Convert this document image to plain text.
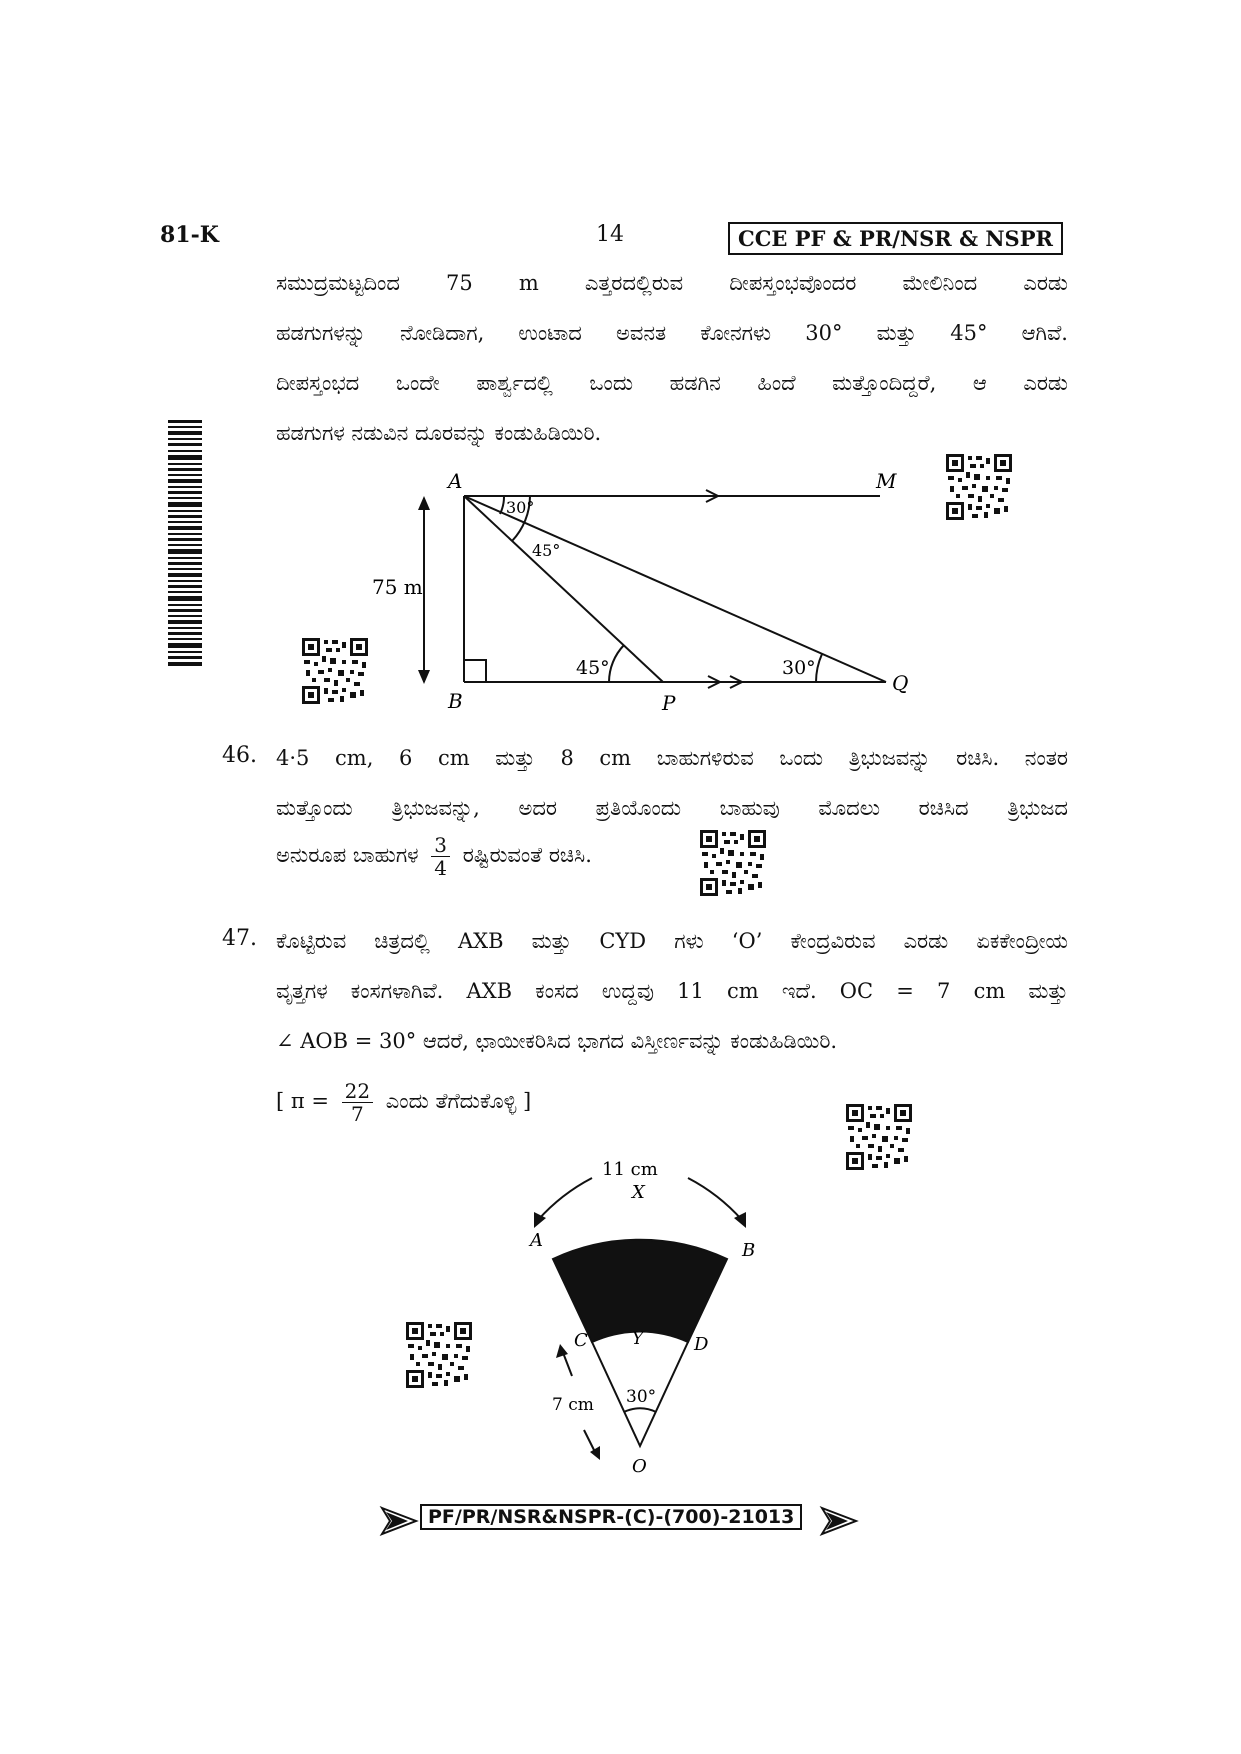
81-K	14	CCE PF & PR/NSR & NSPR
ಸಮುದ್ರಮಟ್ಟದಿಂದ 75 m ಎತ್ತರದಲ್ಲಿರುವ ದೀಪಸ್ತಂಭವೊಂದರ ಮೇಲಿನಿಂದ ಎರಡು
ಹಡಗುಗಳನ್ನು ನೋಡಿದಾಗ, ಉಂಟಾದ ಅವನತ ಕೋನಗಳು 30° ಮತ್ತು 45° ಆಗಿವೆ.
ದೀಪಸ್ತಂಭದ ಒಂದೇ ಪಾರ್ಶ್ವದಲ್ಲಿ ಒಂದು ಹಡಗಿನ ಹಿಂದೆ ಮತ್ತೊಂದಿದ್ದರೆ, ಆ ಎರಡು
ಹಡಗುಗಳ ನಡುವಿನ ದೂರವನ್ನು ಕಂಡುಹಿಡಿಯಿರಿ.
A	M
B	P
Q
75 m
30°
45°
45°	30°
46. 4·5 cm, 6 cm ಮತ್ತು 8 cm ಬಾಹುಗಳಿರುವ ಒಂದು ತ್ರಿಭುಜವನ್ನು ರಚಿಸಿ. ನಂತರ
ಮತ್ತೊಂದು ತ್ರಿಭುಜವನ್ನು, ಅದರ ಪ್ರತಿಯೊಂದು ಬಾಹುವು ಮೊದಲು ರಚಿಸಿದ ತ್ರಿಭುಜದ
ಅನುರೂಪ ಬಾಹುಗಳ $\frac{3}{4}$ ರಷ್ಟಿರುವಂತೆ ರಚಿಸಿ.
47. ಕೊಟ್ಟಿರುವ ಚಿತ್ರದಲ್ಲಿ AXB ಮತ್ತು CYD ಗಳು ‘O’ ಕೇಂದ್ರವಿರುವ ಎರಡು ಏಕಕೇಂದ್ರೀಯ
ವೃತ್ತಗಳ ಕಂಸಗಳಾಗಿವೆ. AXB ಕಂಸದ ಉದ್ದವು 11 cm ಇದೆ. OC = 7 cm ಮತ್ತು
∠ AOB = 30° ಆದರೆ, ಛಾಯೀಕರಿಸಿದ ಭಾಗದ ವಿಸ್ತೀರ್ಣವನ್ನು ಕಂಡುಹಿಡಿಯಿರಿ.
[ $\pi = \frac{22}{7}$ ಎಂದು ತೆಗೆದುಕೊಳ್ಳಿ ]
11 cm
X
A	B
C	D
Y
30°
O
7 cm
PF/PR/NSR&NSPR-(C)-(700)-21013
